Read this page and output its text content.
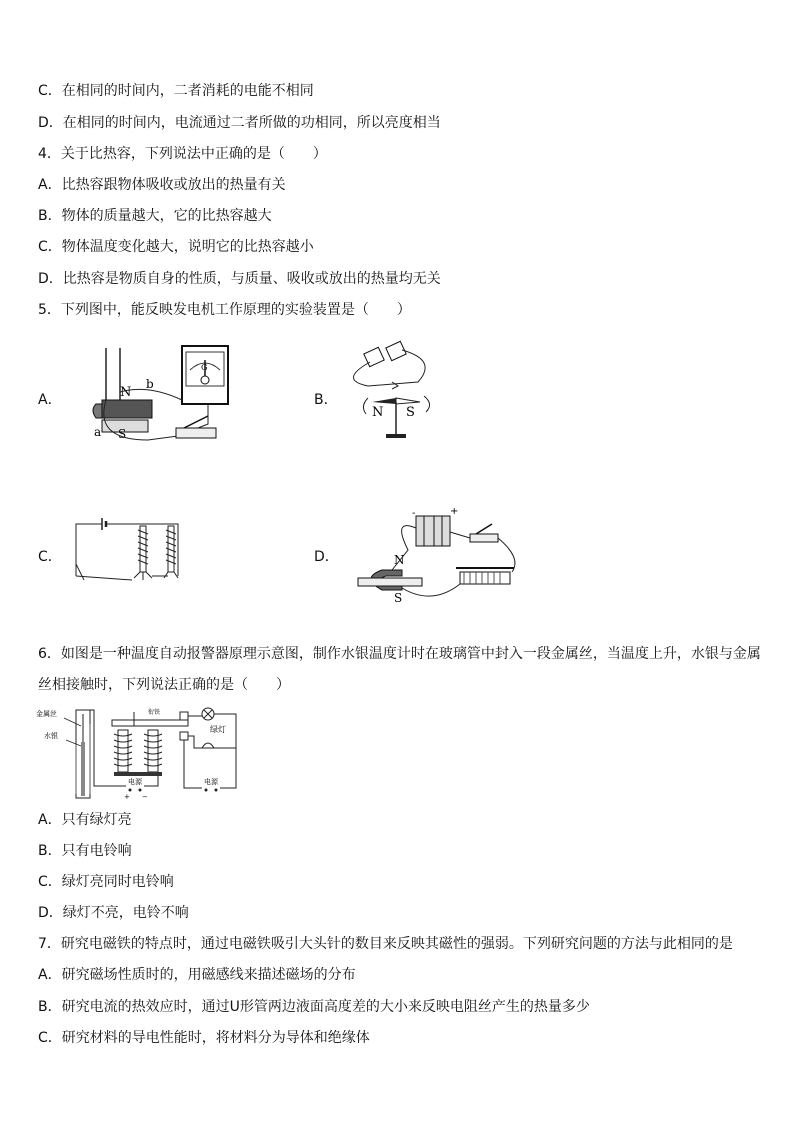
C．在相同的时间内，二者消耗的电能不相同
D．在相同的时间内，电流通过二者所做的功相同，所以亮度相当
4．关于比热容，下列说法中正确的是（　　）
A．比热容跟物体吸收或放出的热量有关
B．物体的质量越大，它的比热容越大
C．物体温度变化越大，说明它的比热容越小
D．比热容是物质自身的性质，与质量、吸收或放出的热量均无关
5．下列图中，能反映发电机工作原理的实验装置是（　　）
A．	N
S
a
b
G
B．
N S
C．	D．
-	+
N
S
6．如图是一种温度自动报警器原理示意图，制作水银温度计时在玻璃管中封入一段金属丝，当温度上升，水银与金属
丝相接触时，下列说法正确的是（　　）
金属丝
水银
衔铁
绿灯
电源
电源
+ −
A．只有绿灯亮
B．只有电铃响
C．绿灯亮同时电铃响
D．绿灯不亮，电铃不响
7．研究电磁铁的特点时，通过电磁铁吸引大头针的数目来反映其磁性的强弱。下列研究问题的方法与此相同的是
A．研究磁场性质时的，用磁感线来描述磁场的分布
B．研究电流的热效应时，通过U形管两边液面高度差的大小来反映电阻丝产生的热量多少
C．研究材料的导电性能时，将材料分为导体和绝缘体
